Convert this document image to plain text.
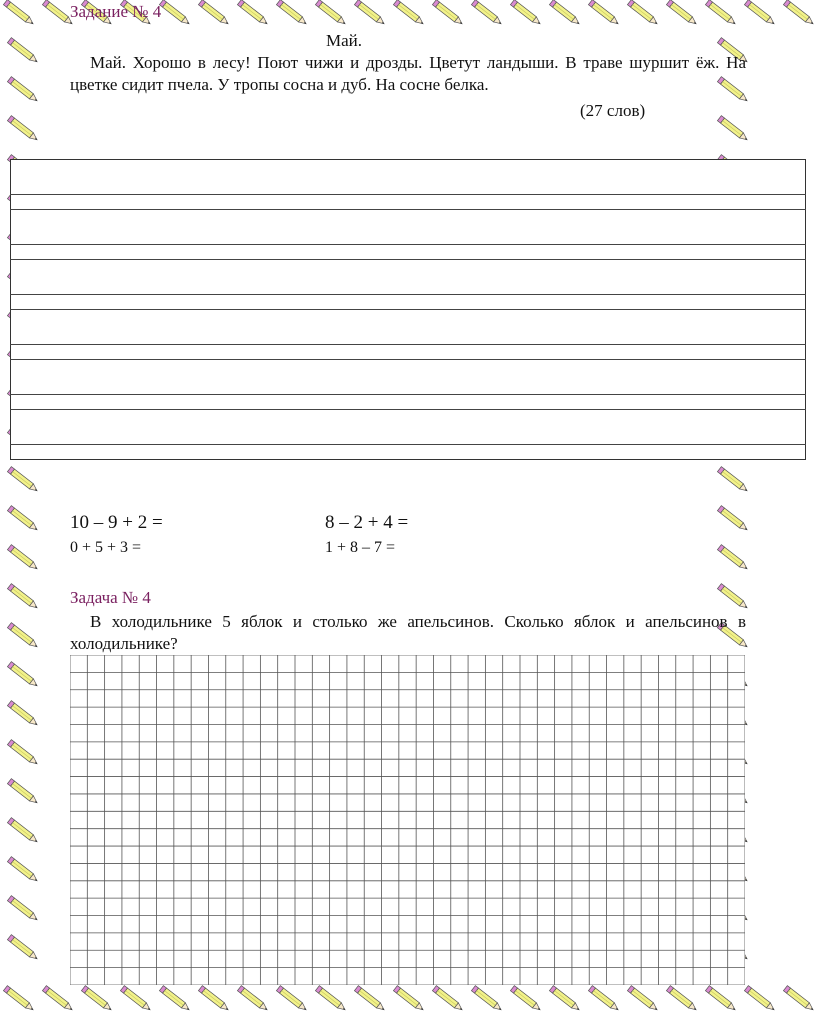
Задание № 4

Май.

Май. Хорошо в лесу! Поют чижи и дрозды. Цветут ландыши. В траве шуршит ёж. На цветке сидит пчела. У тропы сосна и дуб. На сосне белка.

(27 слов)

10 – 9 + 2 =	8 – 2 + 4 =

0 + 5 + 3 =	1 + 8 – 7 =

Задача № 4

В холодильнике 5 яблок и столько же апельсинов. Сколько яблок и апельсинов в холодильнике?
